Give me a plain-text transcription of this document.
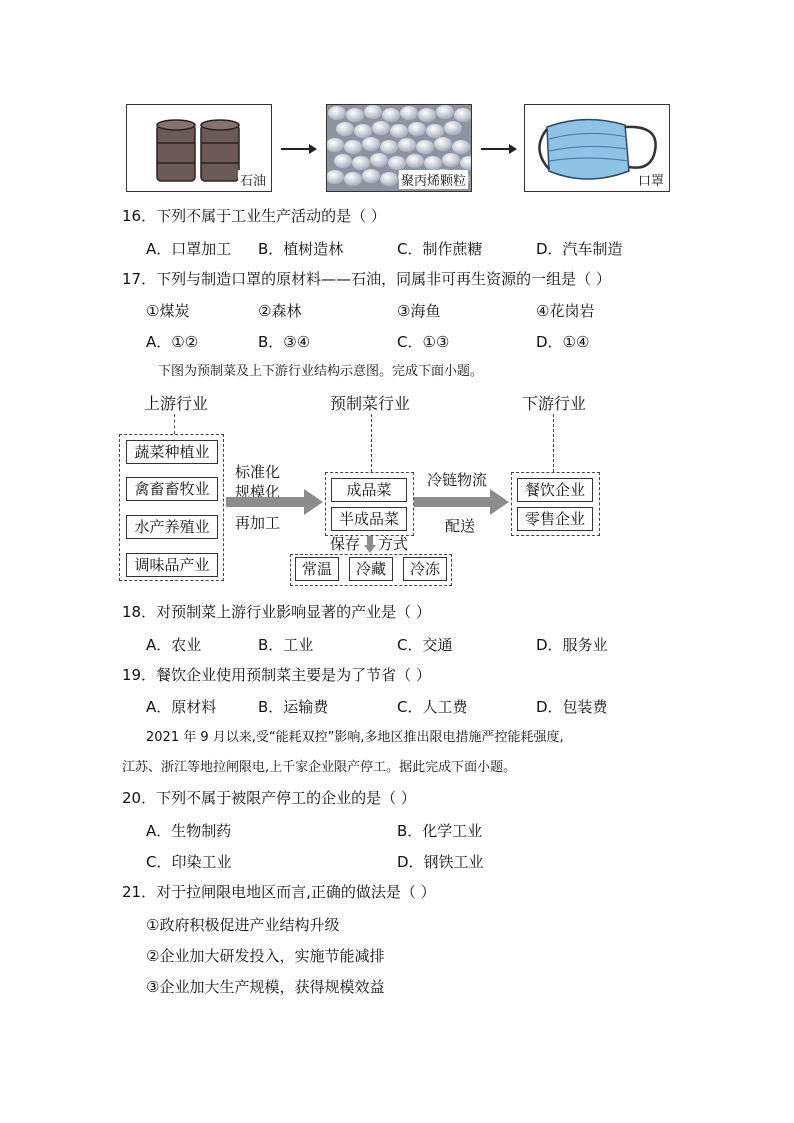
石油	聚丙烯颗粒	口罩
16．下列不属于工业生产活动的是（ ）
A．口罩加工 B．植树造林	C．制作蔗糖	D．汽车制造
17．下列与制造口罩的原材料——石油，同属非可再生资源的一组是（ ）
①煤炭	②森林	③海鱼	④花岗岩
A．①②	B．③④	C．①③	D．①④
下图为预制菜及上下游行业结构示意图。完成下面小题。
上游行业
蔬菜种植业
禽畜畜牧业
水产养殖业
调味品产业
标准化
规模化
再加工
预制菜行业
成品菜
半成品菜
冷链物流
配送
下游行业
餐饮企业
零售企业
保存 方式
常温	冷藏	冷冻
18．对预制菜上游行业影响显著的产业是（ ）
A．农业	B．工业	C．交通	D．服务业
19．餐饮企业使用预制菜主要是为了节省（ ）
A．原材料	B．运输费	C．人工费	D．包装费
2021 年 9 月以来,受“能耗双控”影响,多地区推出限电措施严控能耗强度,
江苏、浙江等地拉闸限电,上千家企业限产停工。据此完成下面小题。
20．下列不属于被限产停工的企业的是（ ）
A．生物制药	B．化学工业
C．印染工业	D．钢铁工业
21．对于拉闸限电地区而言,正确的做法是（ ）
①政府积极促进产业结构升级
②企业加大研发投入，实施节能减排
③企业加大生产规模，获得规模效益
